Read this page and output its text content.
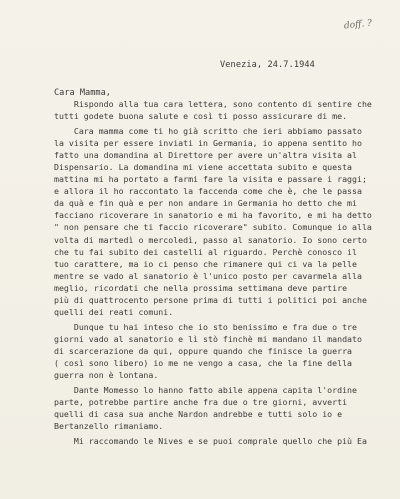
doff. ?
Venezia, 24.7.1944
Cara Mamma,
Rispondo alla tua cara lettera, sono contento di sentire che
tutti godete buona salute e così ti posso assicurare di me.
Cara mamma come ti ho già scritto che ieri abbiamo passato
la visita per essere inviati in Germania, io appena sentito ho
fatto una domandina al Direttore per avere un'altra visita al
Dispensario. La domandina mi viene accettata subito e questa
mattina mi ha portato a farmi fare la visita e passare i raggi;
e allora il ho raccontato la faccenda come che è, che le passa
da quà e fin quà e per non andare in Germania ho detto che mi
facciano ricoverare in sanatorio e mi ha favorito, e mi ha detto
" non pensare che ti faccio ricoverare" subito. Comunque io alla
volta di martedì o mercoledì, passo al sanatorio. Io sono certo
che tu fai subito dei castelli al riguardo. Perchè conosco il
tuo carattere, ma io ci penso che rimanere qui ci va la pelle
mentre se vado al sanatorio è l'unico posto per cavarmela alla
meglio, ricordati che nella prossima settimana deve partire
più di quattrocento persone prima di tutti i politici poi anche
quelli dei reati comuni.
Dunque tu hai inteso che io sto benissimo e fra due o tre
giorni vado al sanatorio e lì stò finchè mi mandano il mandato
di scarcerazione da qui, oppure quando che finisce la guerra
( così sono libero) io me ne vengo a casa, che la fine della
guerra non è lontana.
Dante Momesso lo hanno fatto abile appena capita l'ordine
parte, potrebbe partire anche fra due o tre giorni, avverti
quelli di casa sua anche Nardon andrebbe e tutti solo io e
Bertanzello rimaniamo.
Mi raccomando le Nives e se puoi comprale quello che più Ea
